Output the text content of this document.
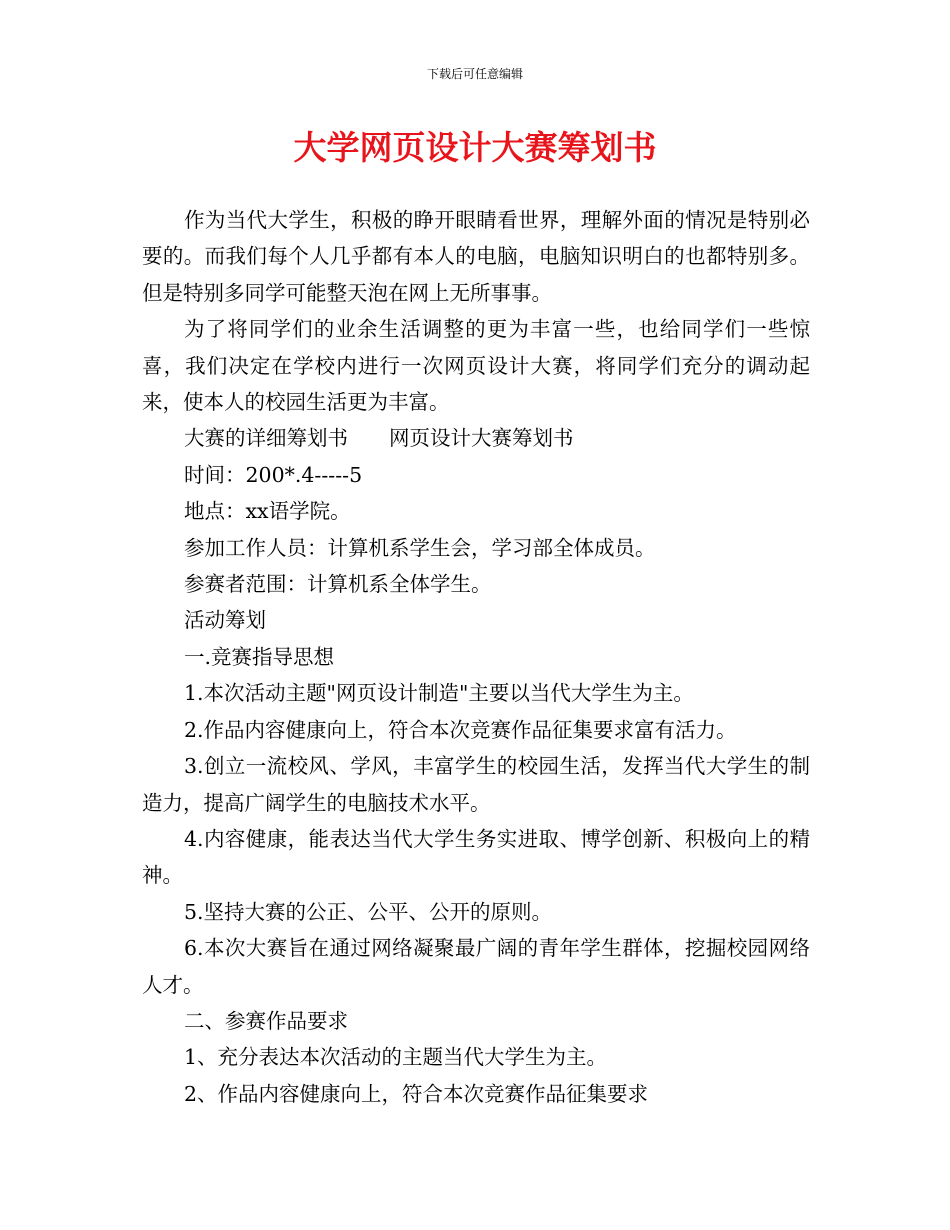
下载后可任意编辑
大学网页设计大赛筹划书

作为当代大学生，积极的睁开眼睛看世界，理解外面的情况是特别必要的。而我们每个人几乎都有本人的电脑，电脑知识明白的也都特别多。但是特别多同学可能整天泡在网上无所事事。

为了将同学们的业余生活调整的更为丰富一些，也给同学们一些惊喜，我们决定在学校内进行一次网页设计大赛，将同学们充分的调动起来，使本人的校园生活更为丰富。

大赛的详细筹划书　　网页设计大赛筹划书

时间：200*.4-----5

地点：xx语学院。

参加工作人员：计算机系学生会，学习部全体成员。

参赛者范围：计算机系全体学生。

活动筹划

一.竞赛指导思想

1.本次活动主题"网页设计制造"主要以当代大学生为主。

2.作品内容健康向上，符合本次竞赛作品征集要求富有活力。

3.创立一流校风、学风，丰富学生的校园生活，发挥当代大学生的制造力，提高广阔学生的电脑技术水平。

4.内容健康，能表达当代大学生务实进取、博学创新、积极向上的精神。

5.坚持大赛的公正、公平、公开的原则。

6.本次大赛旨在通过网络凝聚最广阔的青年学生群体，挖掘校园网络人才。

二、参赛作品要求

1、充分表达本次活动的主题当代大学生为主。

2、作品内容健康向上，符合本次竞赛作品征集要求
